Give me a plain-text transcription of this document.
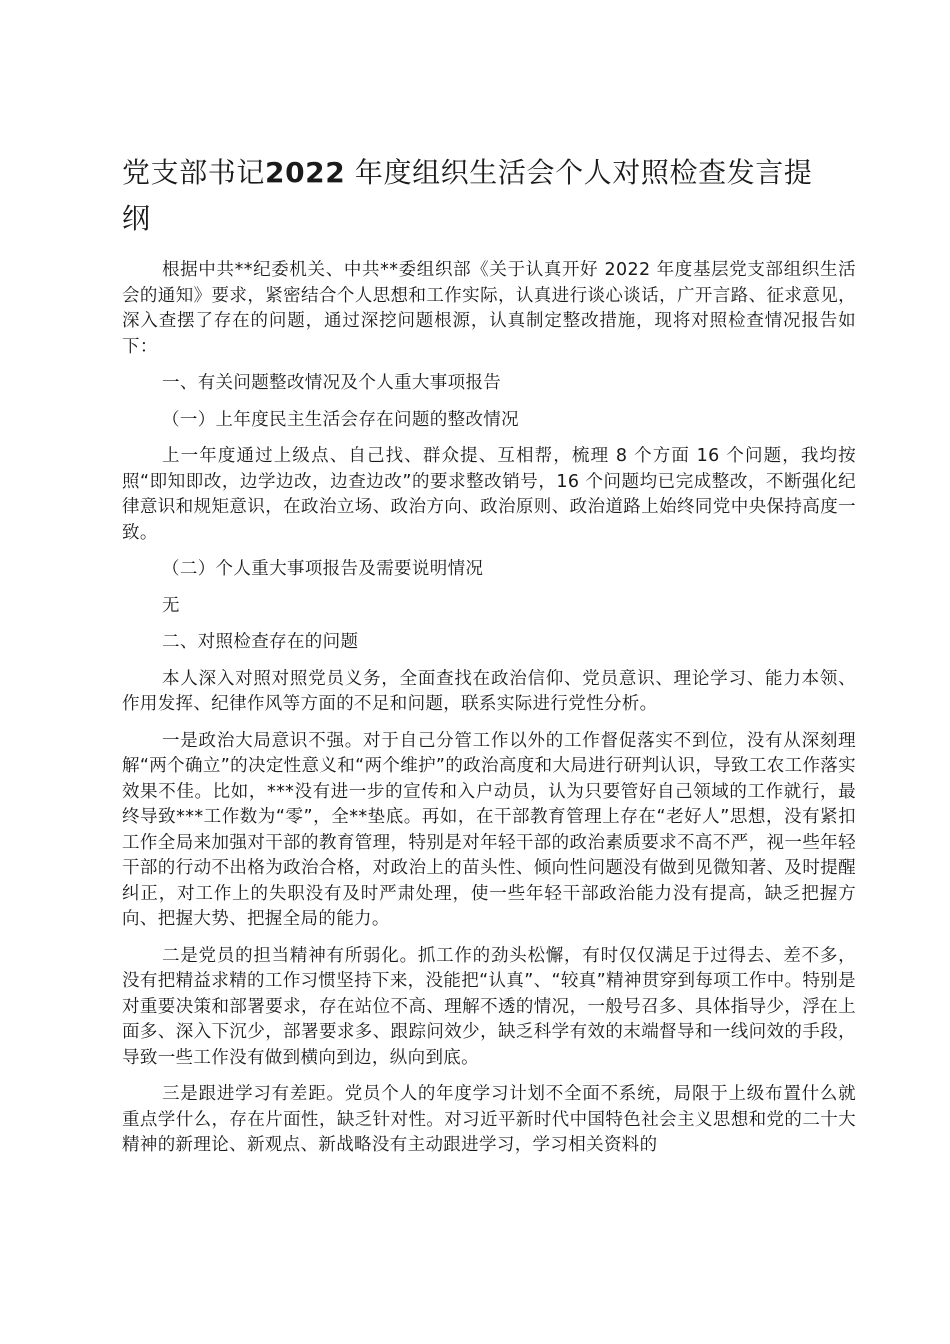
党支部书记2022 年度组织生活会个人对照检查发言提纲

根据中共**纪委机关、中共**委组织部《关于认真开好 2022 年度基层党支部组织生活会的通知》要求，紧密结合个人思想和工作实际，认真进行谈心谈话，广开言路、征求意见，深入查摆了存在的问题，通过深挖问题根源，认真制定整改措施，现将对照检查情况报告如下：

一、有关问题整改情况及个人重大事项报告

（一）上年度民主生活会存在问题的整改情况

上一年度通过上级点、自己找、群众提、互相帮，梳理 8 个方面 16 个问题，我均按照“即知即改，边学边改，边查边改”的要求整改销号，16 个问题均已完成整改，不断强化纪律意识和规矩意识，在政治立场、政治方向、政治原则、政治道路上始终同党中央保持高度一致。

（二）个人重大事项报告及需要说明情况

无

二、对照检查存在的问题

本人深入对照对照党员义务，全面查找在政治信仰、党员意识、理论学习、能力本领、作用发挥、纪律作风等方面的不足和问题，联系实际进行党性分析。

一是政治大局意识不强。对于自己分管工作以外的工作督促落实不到位，没有从深刻理解“两个确立”的决定性意义和“两个维护”的政治高度和大局进行研判认识，导致工农工作落实效果不佳。比如，***没有进一步的宣传和入户动员，认为只要管好自己领域的工作就行，最终导致***工作数为“零”，全**垫底。再如，在干部教育管理上存在“老好人”思想，没有紧扣工作全局来加强对干部的教育管理，特别是对年轻干部的政治素质要求不高不严，视一些年轻干部的行动不出格为政治合格，对政治上的苗头性、倾向性问题没有做到见微知著、及时提醒纠正，对工作上的失职没有及时严肃处理，使一些年轻干部政治能力没有提高，缺乏把握方向、把握大势、把握全局的能力。

二是党员的担当精神有所弱化。抓工作的劲头松懈，有时仅仅满足于过得去、差不多，没有把精益求精的工作习惯坚持下来，没能把“认真”、“较真”精神贯穿到每项工作中。特别是对重要决策和部署要求，存在站位不高、理解不透的情况，一般号召多、具体指导少，浮在上面多、深入下沉少，部署要求多、跟踪问效少，缺乏科学有效的末端督导和一线问效的手段，导致一些工作没有做到横向到边，纵向到底。

三是跟进学习有差距。党员个人的年度学习计划不全面不系统，局限于上级布置什么就重点学什么，存在片面性，缺乏针对性。对习近平新时代中国特色社会主义思想和党的二十大精神的新理论、新观点、新战略没有主动跟进学习，学习相关资料的
